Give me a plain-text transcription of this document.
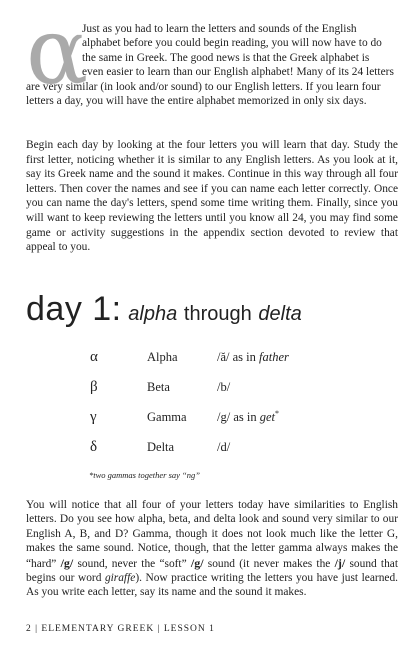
α

Just as you had to learn the letters and sounds of the English
alphabet before you could begin reading, you will now have to do
the same in Greek. The good news is that the Greek alphabet is
even easier to learn than our English alphabet! Many of its 24 letters
are very similar (in look and/or sound) to our English letters. If you learn four
letters a day, you will have the entire alphabet memorized in only six days.

Begin each day by looking at the four letters you will learn that day. Study the first letter, noticing whether it is similar to any English letters. As you look at it, say its Greek name and the sound it makes. Continue in this way through all four letters. Then cover the names and see if you can name each letter correctly. Once you can name the day's letters, spend some time writing them. Finally, since you will want to keep reviewing the letters until you know all 24, you may find some game or activity suggestions in the appendix section devoted to review that appeal to you.

day 1: alpha through delta
α	Alpha	/ă/ as in father
β	Beta	/b/
γ	Gamma	/g/ as in get*
δ	Delta	/d/

*two gammas together say “ng”

You will notice that all four of your letters today have similarities to English letters. Do you see how alpha, beta, and delta look and sound very similar to our English A, B, and D? Gamma, though it does not look much like the letter G, makes the same sound. Notice, though, that the letter gamma always makes the “hard” /g/ sound, never the “soft” /g/ sound (it never makes the /j/ sound that begins our word giraffe). Now practice writing the letters you have just learned. As you write each letter, say its name and the sound it makes.

2 | ELEMENTARY GREEK | LESSON 1
